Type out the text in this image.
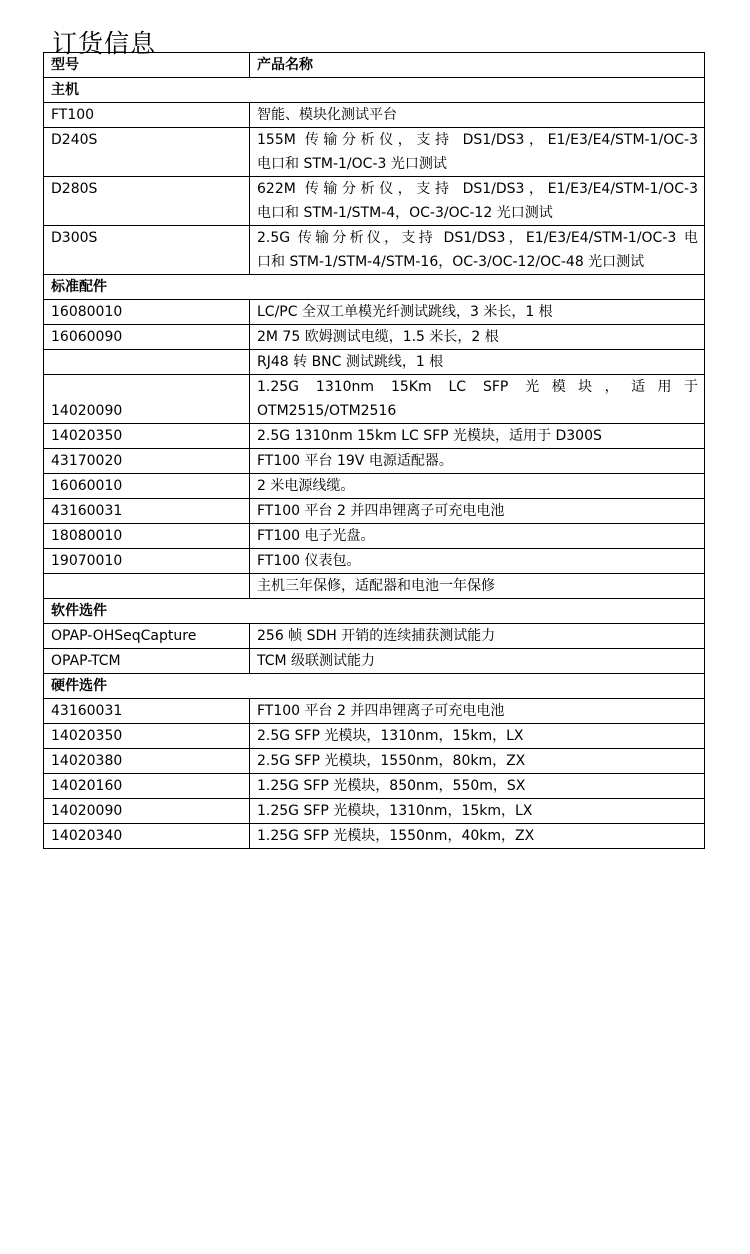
订货信息
型号	产品名称
主机	
FT100	智能、模块化测试平台

D240S	155M 传输分析仪，支持 DS1/DS3，E1/E3/E4/STM-1/OC-3
电口和 STM-1/OC-3 光口测试

D280S	622M 传输分析仪，支持 DS1/DS3，E1/E3/E4/STM-1/OC-3
电口和 STM-1/STM-4，OC-3/OC-12 光口测试

D300S	2.5G 传输分析仪，支持 DS1/DS3，E1/E3/E4/STM-1/OC-3 电
口和 STM-1/STM-4/STM-16，OC-3/OC-12/OC-48 光口测试

标准配件	
16080010	LC/PC 全双工单模光纤测试跳线，3 米长，1 根

16060090	2M 75 欧姆测试电缆，1.5 米长，2 根

	RJ48 转 BNC 测试跳线，1 根

14020090	1.25G 1310nm 15Km LC SFP 光模块，适用于
OTM2515/OTM2516

14020350	2.5G 1310nm 15km LC SFP 光模块，适用于 D300S

43170020	FT100 平台 19V 电源适配器。

16060010	2 米电源线缆。

43160031	FT100 平台 2 并四串锂离子可充电电池

18080010	FT100 电子光盘。

19070010	FT100 仪表包。

	主机三年保修，适配器和电池一年保修

软件选件	
OPAP-OHSeqCapture	256 帧 SDH 开销的连续捕获测试能力

OPAP-TCM	TCM 级联测试能力

硬件选件	
43160031	FT100 平台 2 并四串锂离子可充电电池

14020350	2.5G SFP 光模块，1310nm，15km，LX

14020380	2.5G SFP 光模块，1550nm，80km，ZX

14020160	1.25G SFP 光模块，850nm，550m，SX

14020090	1.25G SFP 光模块，1310nm，15km，LX

14020340	1.25G SFP 光模块，1550nm，40km，ZX
